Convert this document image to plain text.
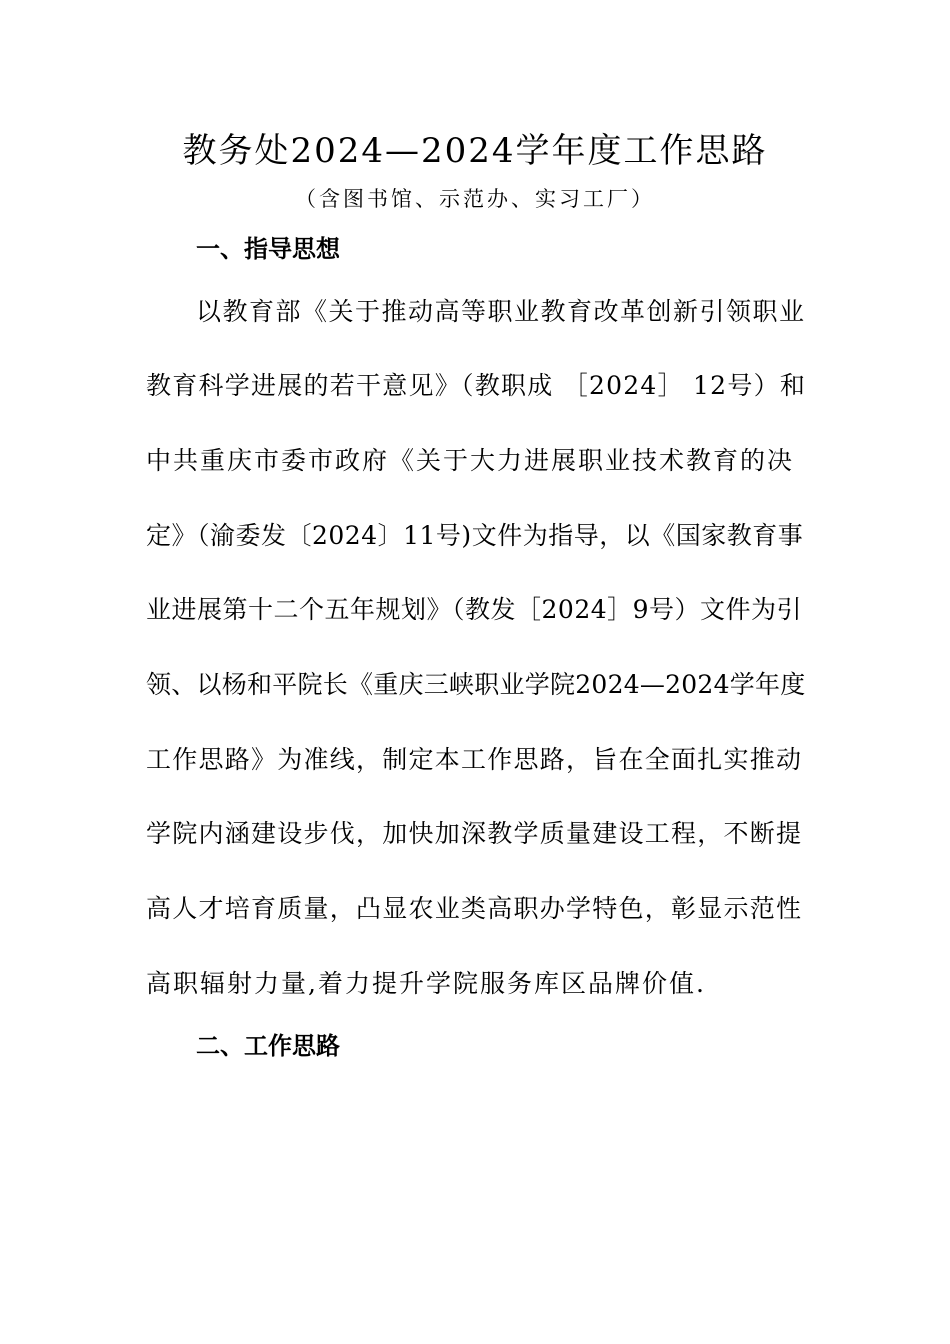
教务处2024—2024学年度工作思路
（含图书馆、示范办、实习工厂）
一、指导思想
以教育部《关于推动高等职业教育改革创新引领职业
教育科学进展的若干意见》（教职成 ［2024］ 12号）和
中共重庆市委市政府《关于大力进展职业技术教育的决
定》（渝委发〔2024〕11号)文件为指导，以《国家教育事
业进展第十二个五年规划》（教发［2024］9号）文件为引
领、以杨和平院长《重庆三峡职业学院2024—2024学年度
工作思路》为准线，制定本工作思路，旨在全面扎实推动
学院内涵建设步伐，加快加深教学质量建设工程，不断提
高人才培育质量，凸显农业类高职办学特色，彰显示范性
高职辐射力量,着力提升学院服务库区品牌价值.
二、工作思路
